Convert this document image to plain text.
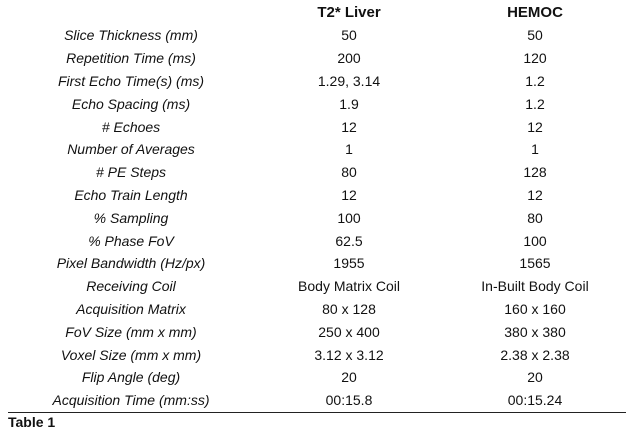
	T2* Liver	HEMOC
Slice Thickness (mm)	50	50
Repetition Time (ms)	200	120
First Echo Time(s) (ms)	1.29, 3.14	1.2
Echo Spacing (ms)	1.9	1.2
# Echoes	12	12
Number of Averages	1	1
# PE Steps	80	128
Echo Train Length	12	12
% Sampling	100	80
% Phase FoV	62.5	100
Pixel Bandwidth (Hz/px)	1955	1565
Receiving Coil	Body Matrix Coil	In-Built Body Coil
Acquisition Matrix	80 x 128	160 x 160
FoV Size (mm x mm)	250 x 400	380 x 380
Voxel Size (mm x mm)	3.12 x 3.12	2.38 x 2.38
Flip Angle (deg)	20	20
Acquisition Time (mm:ss)	00:15.8	00:15.24

Table 1
